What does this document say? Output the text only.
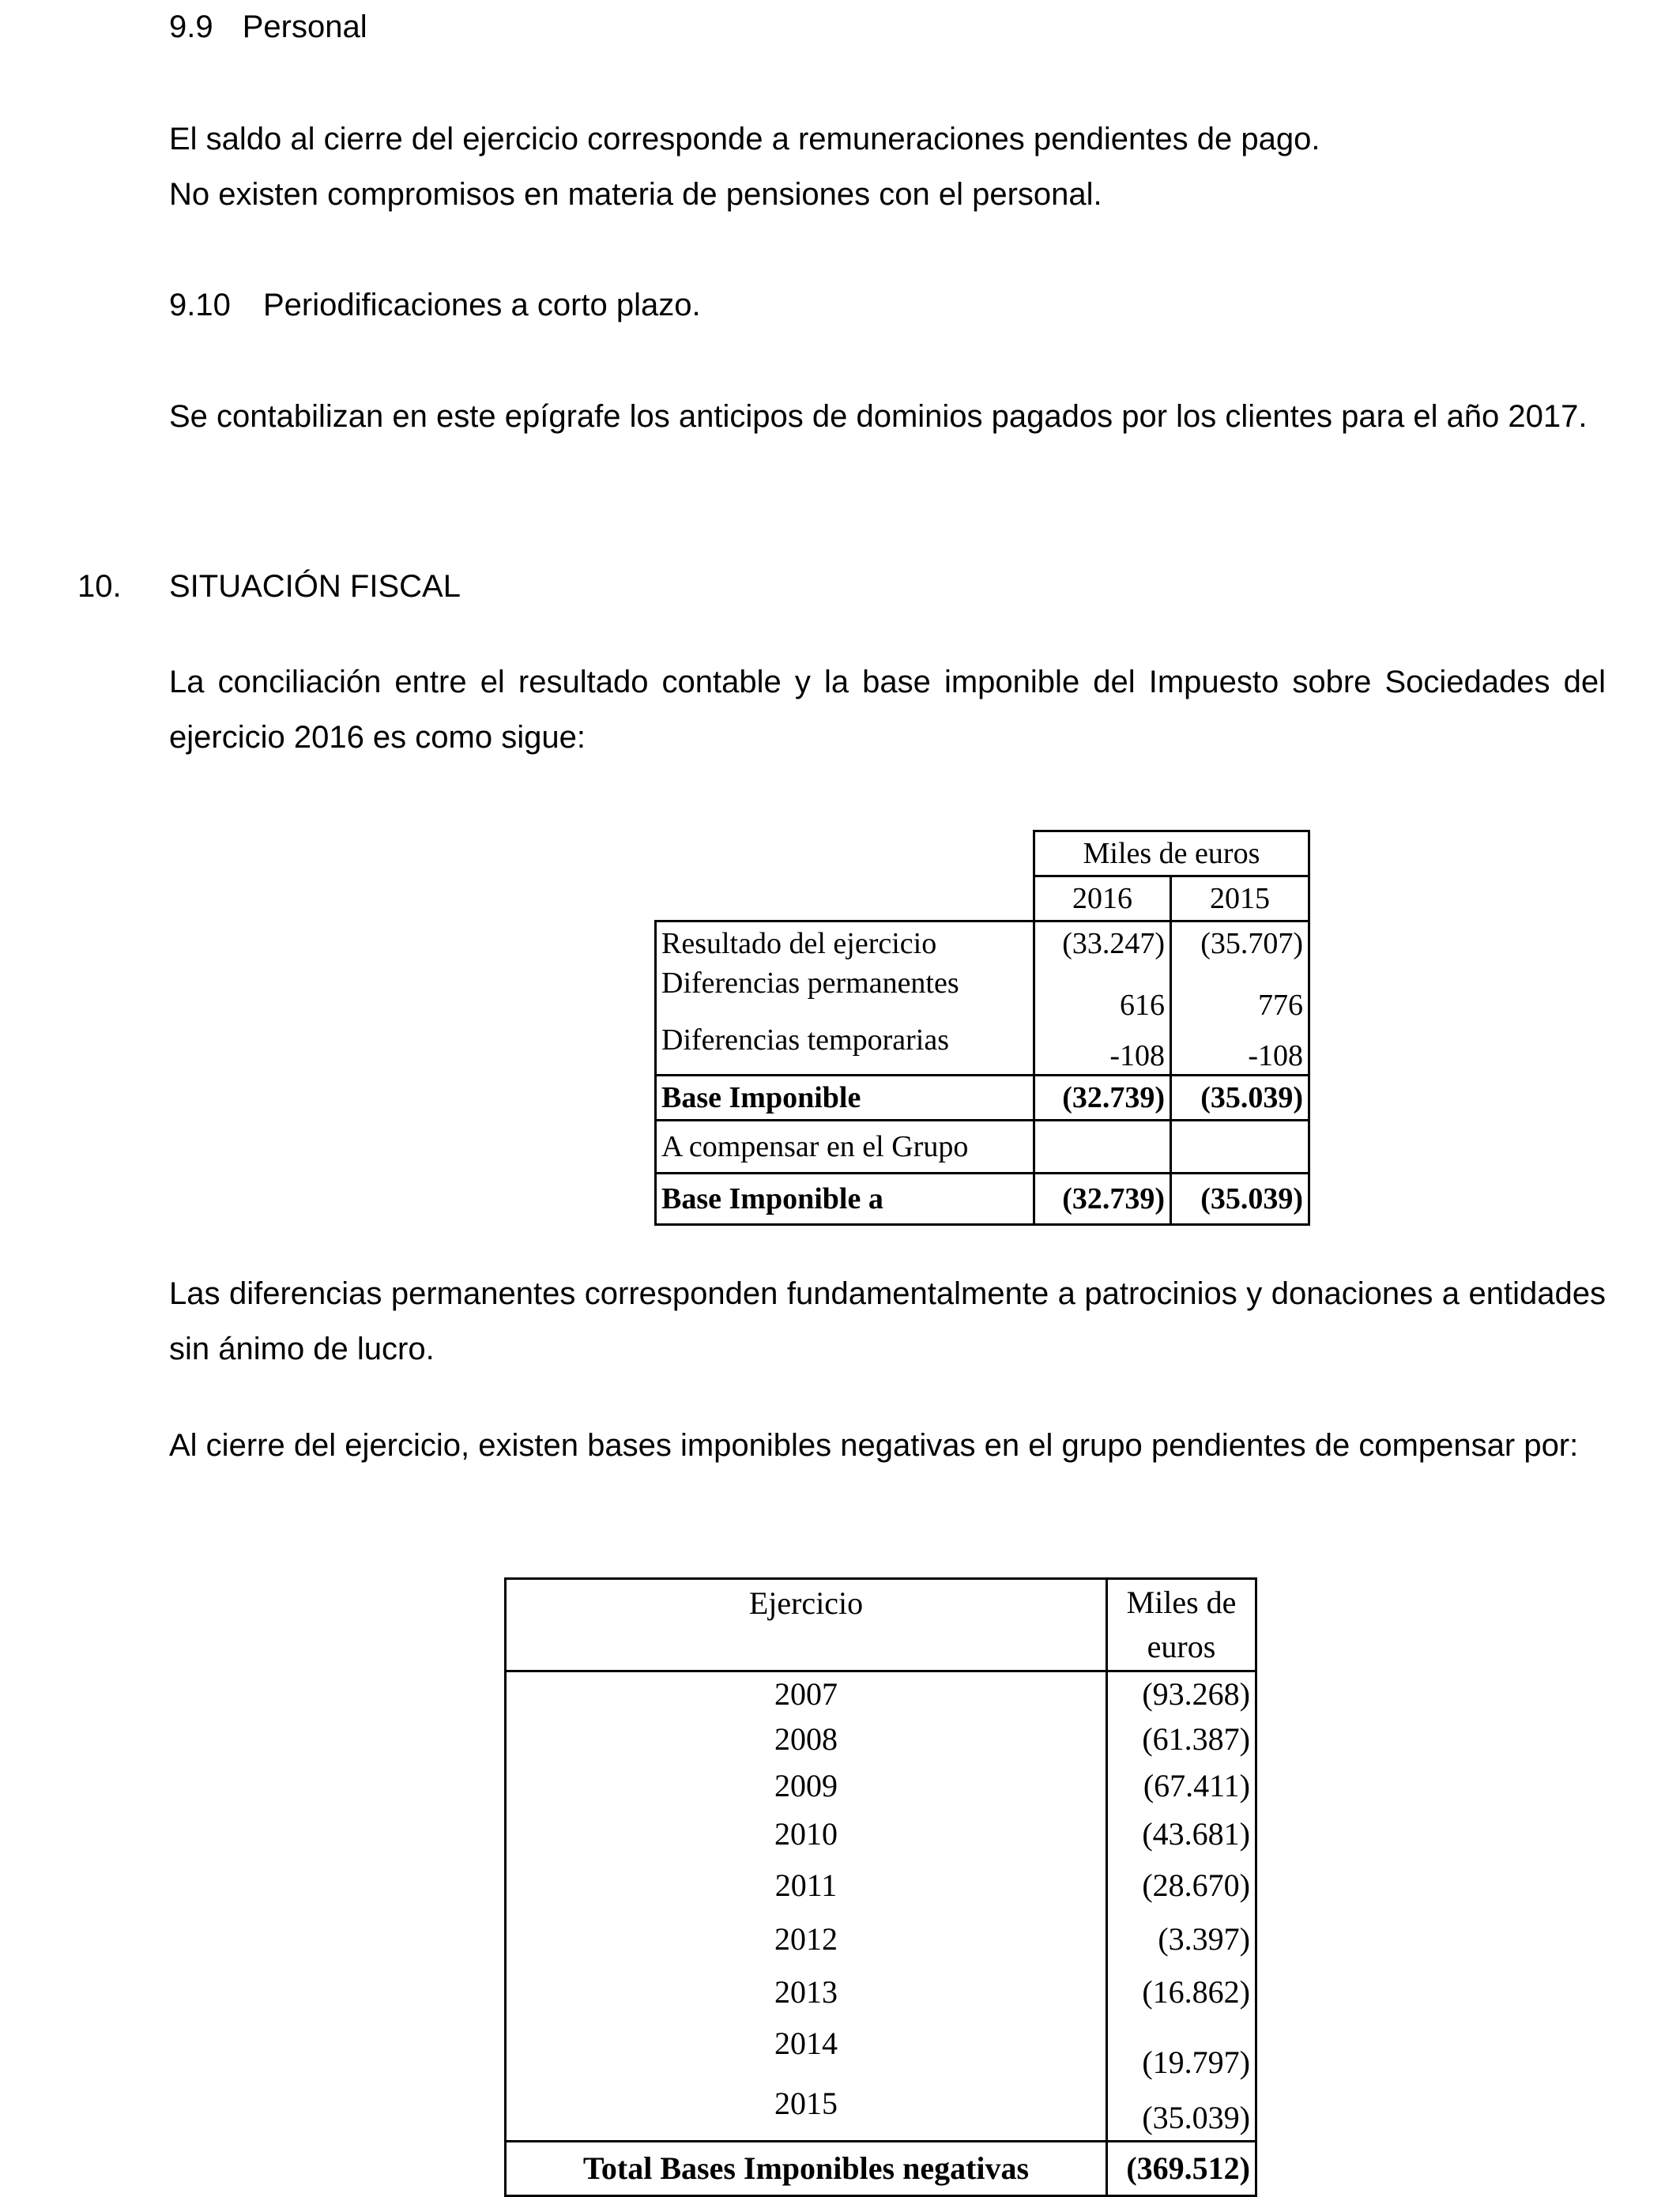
9.9 Personal
El saldo al cierre del ejercicio corresponde a remuneraciones pendientes de pago.
No existen compromisos en materia de pensiones con el personal.
9.10 Periodificaciones a corto plazo.
Se contabilizan en este epígrafe los anticipos de dominios pagados por los clientes para el año 2017.
10. SITUACIÓN FISCAL
La conciliación entre el resultado contable y la base imponible del Impuesto sobre Sociedades del ejercicio 2016 es como sigue:
	Miles de euros	
	2016	2015
Resultado del ejercicio	(33.247)	(35.707)
Diferencias permanentes	616	776
Diferencias temporarias	-108	-108
Base Imponible	(32.739)	(35.039)
A compensar en el Grupo		
Base Imponible a	(32.739)	(35.039)
Las diferencias permanentes corresponden fundamentalmente a patrocinios y donaciones a entidades sin ánimo de lucro.
Al cierre del ejercicio, existen bases imponibles negativas en el grupo pendientes de compensar por:
Ejercicio	Miles de
euros

2007	(93.268)
2008	(61.387)
2009	(67.411)
2010	(43.681)
2011	(28.670)
2012	(3.397)
2013	(16.862)
2014	(19.797)
2015	(35.039)
Total Bases Imponibles negativas	(369.512)
